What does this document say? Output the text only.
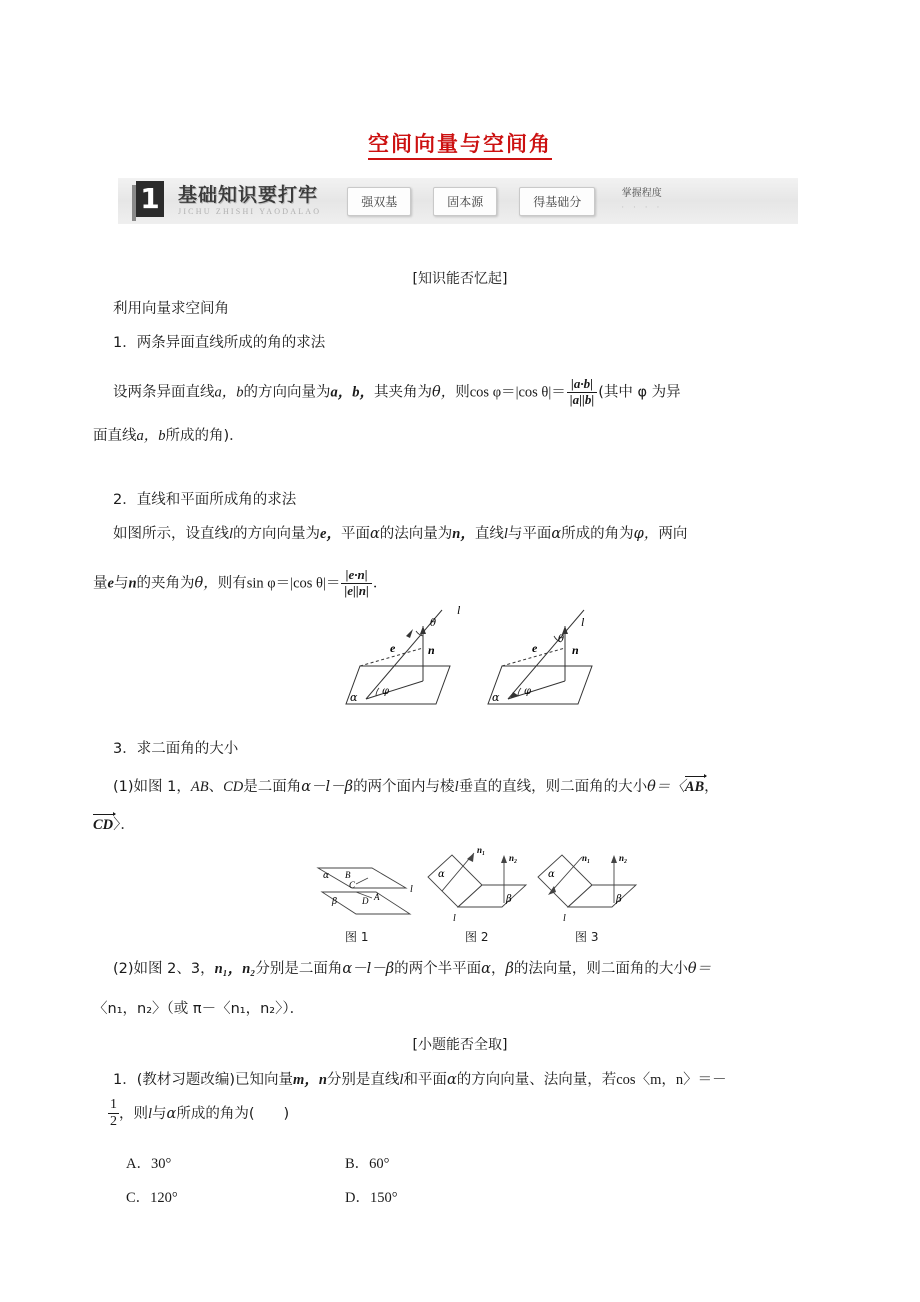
空间向量与空间角
1 基础知识要打牢
JICHU ZHISHI YAODALAO
强双基	固本源	得基础分
掌握程度
· · · ·
[知识能否忆起]
利用向量求空间角
1．两条异面直线所成的角的求法
设两条异面直线a，b的方向向量为a，b，其夹角为θ，则cos φ＝|cos $\theta|= \frac{|a\cdot b|}{|a||b|}$ (其中 φ 为异
面直线a，b所成的角)．
2．直线和平面所成角的求法
如图所示，设直线l的方向向量为e，平面α的法向量为n，直线l与平面α所成的角为φ，两向
量e与n的夹角为θ，则有sin φ＝|cos $\theta|= \frac{|e\cdot n|}{|e||n|}$ ．
l
θ
e	n
φ
α
l
θ
e	n
φ
α
3．求二面角的大小
(1)如图 1，AB、CD是二面角α－l－β的两个面内与棱l垂直的直线，则二面角的大小θ＝〈AB，
CD〉．
α B
C
D A
β
l
图 1
n₁
n₂
α
β
l
图 2
n₁	n₂
α
β
l
图 3
(2)如图 2、3，n₁，n₂分别是二面角α－l－β的两个半平面α，β的法向量，则二面角的大小θ＝
〈n₁，n₂〉（或 π－〈n₁，n₂〉）．
[小题能否全取]
1．(教材习题改编)已知向量m，n分别是直线l和平面α的方向向量、法向量，若cos〈m，n〉＝－
$\frac{1}{2}$ ，则l与α所成的角为(　　)
A．30°	B．60°
C．120°	D．150°
